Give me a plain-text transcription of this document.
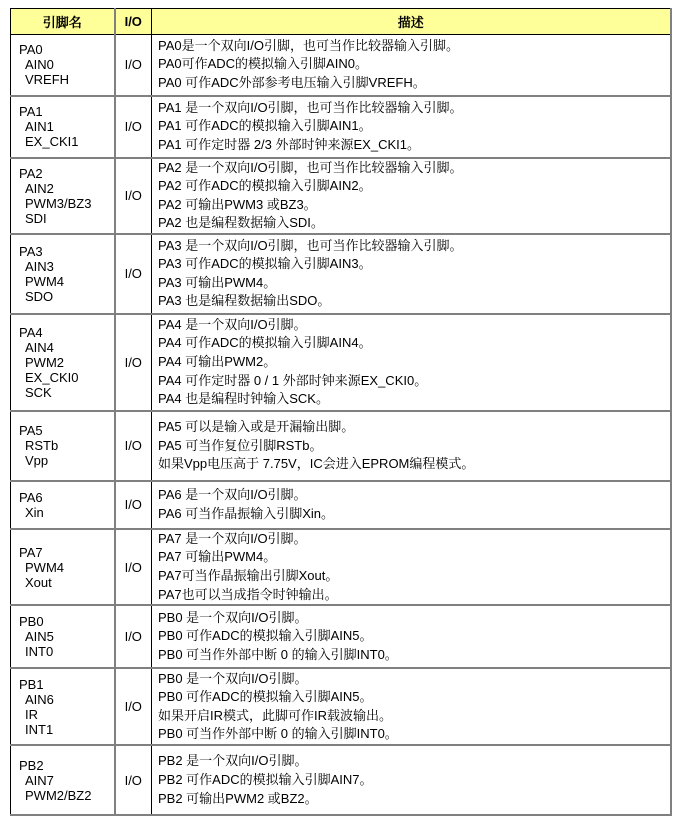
引脚名	I/O	描述

PA0
AIN0
VREFH	I/O	PA0是一个双向I/O引脚，也可当作比较器输入引脚。
PA0可作ADC的模拟输入引脚AIN0。
PA0 可作ADC外部参考电压输入引脚VREFH。

PA1
AIN1
EX_CKI1	I/O	PA1 是一个双向I/O引脚，也可当作比较器输入引脚。
PA1 可作ADC的模拟输入引脚AIN1。
PA1 可作定时器 2/3 外部时钟来源EX_CKI1。

PA2
AIN2
PWM3/BZ3
SDI	I/O	PA2 是一个双向I/O引脚，也可当作比较器输入引脚。
PA2 可作ADC的模拟输入引脚AIN2。
PA2 可输出PWM3 或BZ3。
PA2 也是编程数据输入SDI。

PA3
AIN3
PWM4
SDO	I/O	PA3 是一个双向I/O引脚，也可当作比较器输入引脚。
PA3 可作ADC的模拟输入引脚AIN3。
PA3 可输出PWM4。
PA3 也是编程数据输出SDO。

PA4
AIN4
PWM2
EX_CKI0
SCK	I/O	PA4 是一个双向I/O引脚。
PA4 可作ADC的模拟输入引脚AIN4。
PA4 可输出PWM2。
PA4 可作定时器 0 / 1 外部时钟来源EX_CKI0。
PA4 也是编程时钟输入SCK。

PA5
RSTb
Vpp	I/O	PA5 可以是输入或是开漏输出脚。
PA5 可当作复位引脚RSTb。
如果Vpp电压高于 7.75V，IC会进入EPROM编程模式。

PA6
Xin	I/O	PA6 是一个双向I/O引脚。
PA6 可当作晶振输入引脚Xin。

PA7
PWM4
Xout	I/O	PA7 是一个双向I/O引脚。
PA7 可输出PWM4。
PA7可当作晶振输出引脚Xout。
PA7也可以当成指令时钟输出。

PB0
AIN5
INT0	I/O	PB0 是一个双向I/O引脚。
PB0 可作ADC的模拟输入引脚AIN5。
PB0 可当作外部中断 0 的输入引脚INT0。

PB1
AIN6
IR
INT1	I/O	PB0 是一个双向I/O引脚。
PB0 可作ADC的模拟输入引脚AIN5。
如果开启IR模式，此脚可作IR载波输出。
PB0 可当作外部中断 0 的输入引脚INT0。

PB2
AIN7
PWM2/BZ2	I/O	PB2 是一个双向I/O引脚。
PB2 可作ADC的模拟输入引脚AIN7。
PB2 可输出PWM2 或BZ2。
